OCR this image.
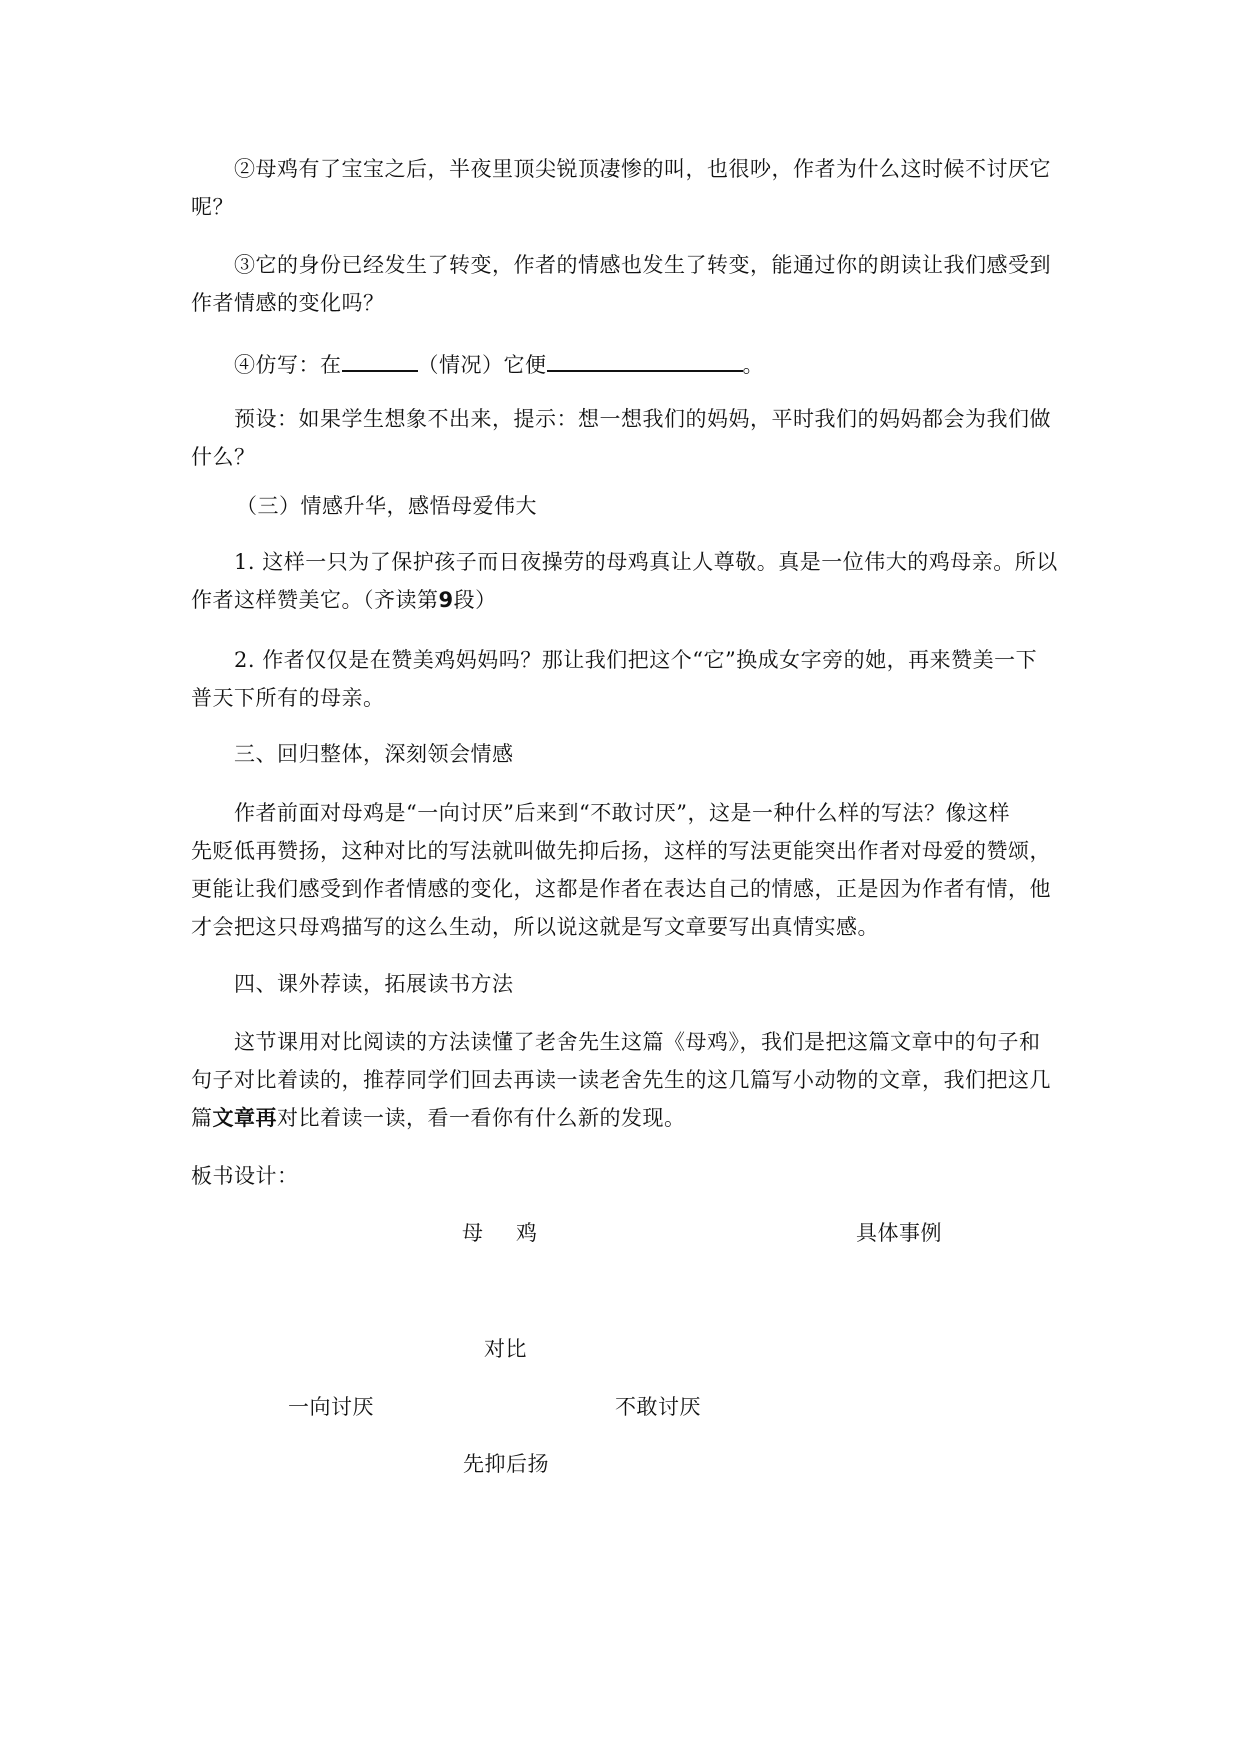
②母鸡有了宝宝之后，半夜里顶尖锐顶凄惨的叫，也很吵，作者为什么这时候不讨厌它
呢？
③它的身份已经发生了转变，作者的情感也发生了转变，能通过你的朗读让我们感受到
作者情感的变化吗？
④仿写：在	（情况）它便	。
预设：如果学生想象不出来，提示：想一想我们的妈妈，平时我们的妈妈都会为我们做
什么？
（三）情感升华，感悟母爱伟大
1. 这样一只为了保护孩子而日夜操劳的母鸡真让人尊敬。真是一位伟大的鸡母亲。所以
作者这样赞美它。（齐读第9段）
2. 作者仅仅是在赞美鸡妈妈吗？那让我们把这个“它”换成女字旁的她，再来赞美一下
普天下所有的母亲。
三、回归整体，深刻领会情感
作者前面对母鸡是“一向讨厌”后来到“不敢讨厌”，这是一种什么样的写法？像这样
先贬低再赞扬，这种对比的写法就叫做先抑后扬，这样的写法更能突出作者对母爱的赞颂，
更能让我们感受到作者情感的变化，这都是作者在表达自己的情感，正是因为作者有情，他
才会把这只母鸡描写的这么生动，所以说这就是写文章要写出真情实感。
四、课外荐读，拓展读书方法
这节课用对比阅读的方法读懂了老舍先生这篇《母鸡》，我们是把这篇文章中的句子和
句子对比着读的，推荐同学们回去再读一读老舍先生的这几篇写小动物的文章，我们把这几
篇文章再对比着读一读，看一看你有什么新的发现。
板书设计：
母 鸡	具体事例
对比
一向讨厌	不敢讨厌
先抑后扬
